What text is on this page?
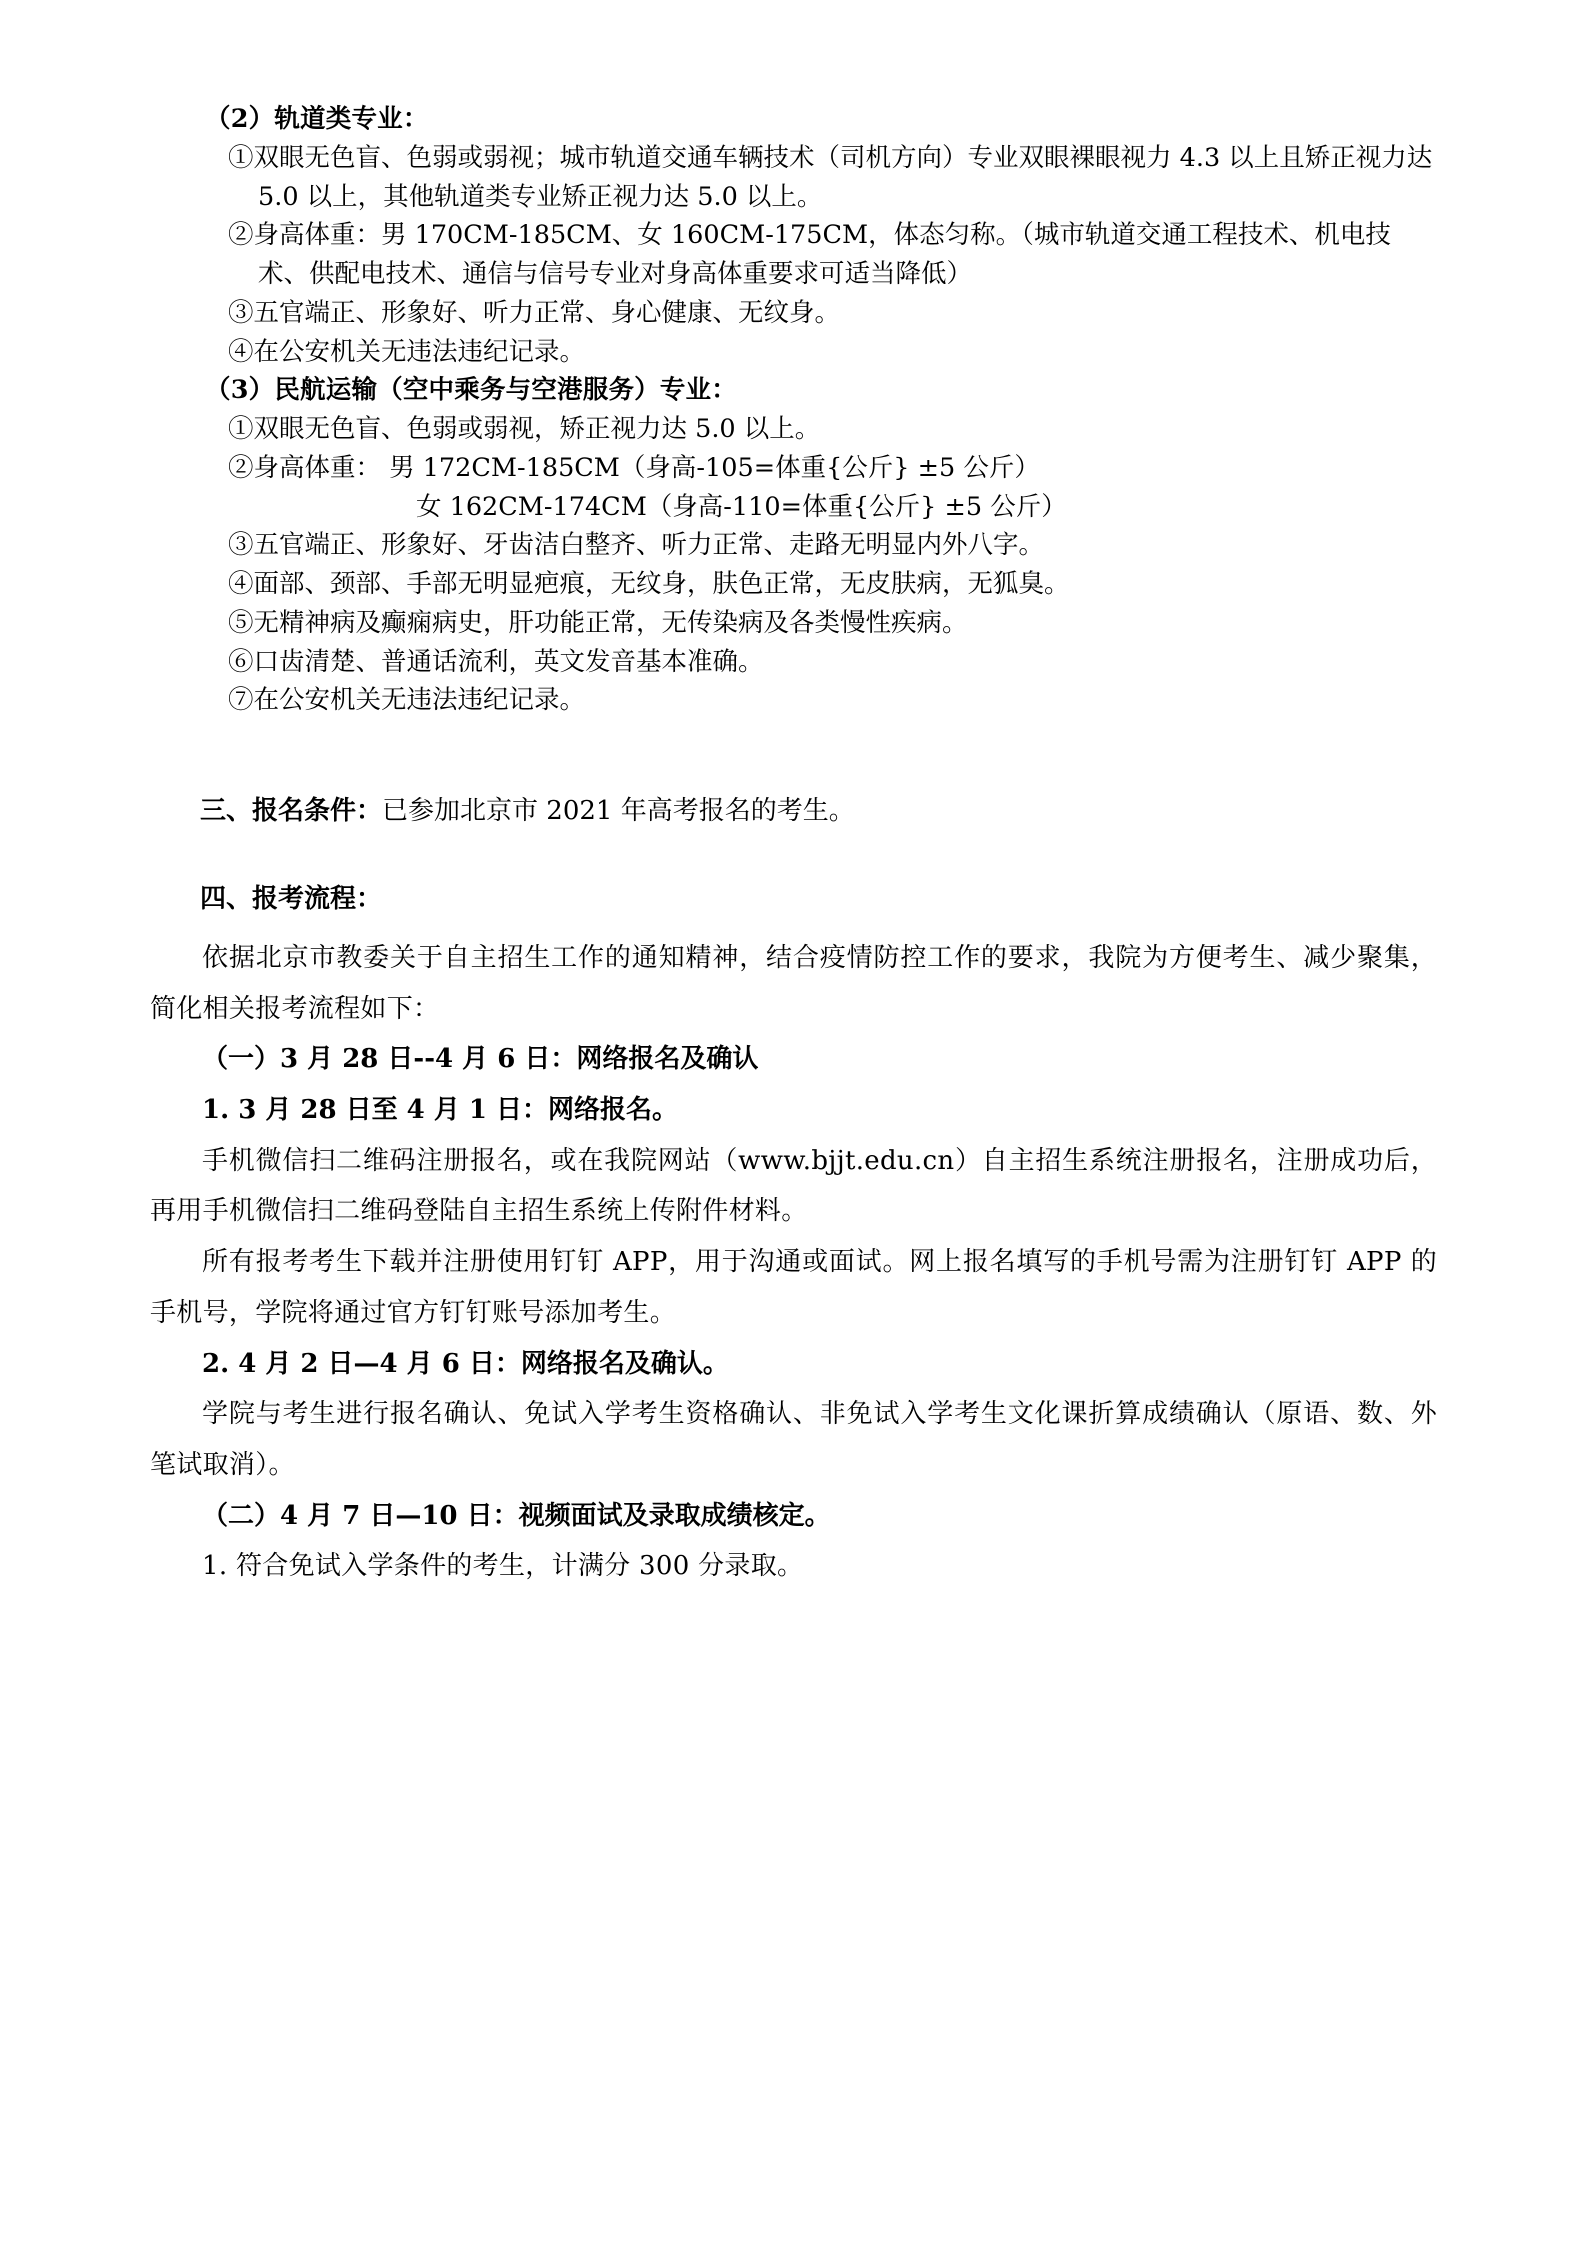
（2）轨道类专业：
①双眼无色盲、色弱或弱视；城市轨道交通车辆技术（司机方向）专业双眼裸眼视力 4.3 以上且矫正视力达 5.0 以上，其他轨道类专业矫正视力达 5.0 以上。
②身高体重：男 170CM-185CM、女 160CM-175CM，体态匀称。（城市轨道交通工程技术、机电技术、供配电技术、通信与信号专业对身高体重要求可适当降低）
③五官端正、形象好、听力正常、身心健康、无纹身。
④在公安机关无违法违纪记录。
（3）民航运输（空中乘务与空港服务）专业：
①双眼无色盲、色弱或弱视，矫正视力达 5.0 以上。
②身高体重： 男 172CM-185CM（身高-105=体重{公斤} ±5 公斤）
女 162CM-174CM（身高-110=体重{公斤} ±5 公斤）
③五官端正、形象好、牙齿洁白整齐、听力正常、走路无明显内外八字。
④面部、颈部、手部无明显疤痕，无纹身，肤色正常，无皮肤病，无狐臭。
⑤无精神病及癫痫病史，肝功能正常，无传染病及各类慢性疾病。
⑥口齿清楚、普通话流利，英文发音基本准确。
⑦在公安机关无违法违纪记录。
三、报名条件：已参加北京市 2021 年高考报名的考生。
四、报考流程：
依据北京市教委关于自主招生工作的通知精神，结合疫情防控工作的要求，我院为方便考生、减少聚集，简化相关报考流程如下：
（一）3 月 28 日--4 月 6 日：网络报名及确认
1. 3 月 28 日至 4 月 1 日：网络报名。
手机微信扫二维码注册报名，或在我院网站（www.bjjt.edu.cn）自主招生系统注册报名，注册成功后，再用手机微信扫二维码登陆自主招生系统上传附件材料。
所有报考考生下载并注册使用钉钉 APP，用于沟通或面试。网上报名填写的手机号需为注册钉钉 APP 的手机号，学院将通过官方钉钉账号添加考生。
2. 4 月 2 日—4 月 6 日：网络报名及确认。
学院与考生进行报名确认、免试入学考生资格确认、非免试入学考生文化课折算成绩确认（原语、数、外笔试取消）。
（二）4 月 7 日—10 日：视频面试及录取成绩核定。
1. 符合免试入学条件的考生，计满分 300 分录取。
